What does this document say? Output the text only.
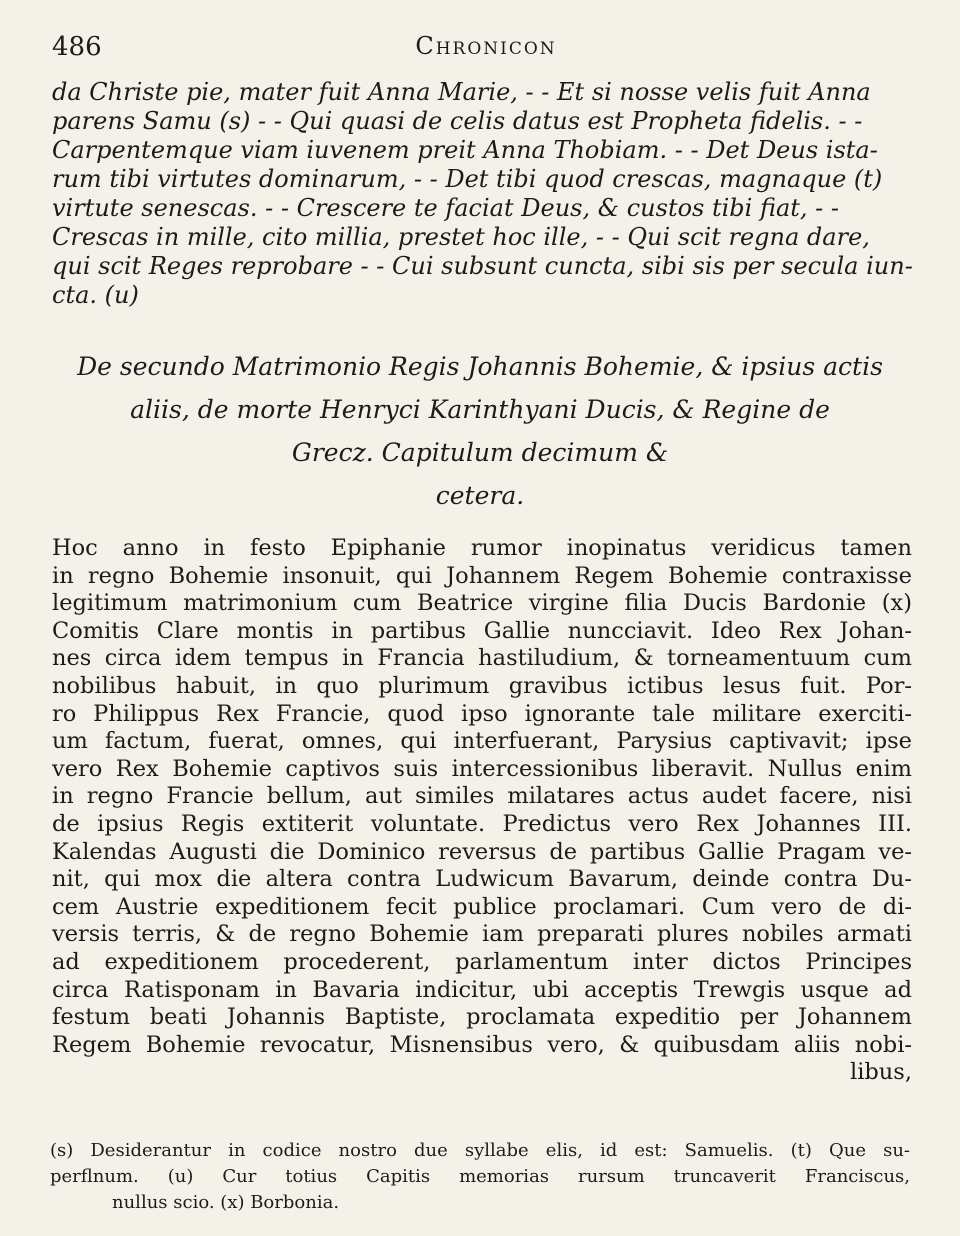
486	Chronicon
da Christe pie, mater fuit Anna Marie, - - Et si nosse velis fuit Anna
parens Samu (s) - - Qui quasi de celis datus est Propheta fidelis. - -
Carpentemque viam iuvenem preit Anna Thobiam. - - Det Deus ista-
rum tibi virtutes dominarum, - - Det tibi quod crescas, magnaque (t)
virtute senescas. - - Crescere te faciat Deus, & custos tibi fiat, - -
Crescas in mille, cito millia, prestet hoc ille, - - Qui scit regna dare,
qui scit Reges reprobare - - Cui subsunt cuncta, sibi sis per secula iun-
cta. (u)
De secundo Matrimonio Regis Johannis Bohemie, & ipsius actis
aliis, de morte Henryci Karinthyani Ducis, & Regine de
Grecz. Capitulum decimum &
cetera.
Hoc anno in festo Epiphanie rumor inopinatus veridicus tamen
in regno Bohemie insonuit, qui Johannem Regem Bohemie contraxisse
legitimum matrimonium cum Beatrice virgine filia Ducis Bardonie (x)
Comitis Clare montis in partibus Gallie nuncciavit. Ideo Rex Johan-
nes circa idem tempus in Francia hastiludium, & torneamentuum cum
nobilibus habuit, in quo plurimum gravibus ictibus lesus fuit. Por-
ro Philippus Rex Francie, quod ipso ignorante tale militare exerciti-
um factum, fuerat, omnes, qui interfuerant, Parysius captivavit; ipse
vero Rex Bohemie captivos suis intercessionibus liberavit. Nullus enim
in regno Francie bellum, aut similes milatares actus audet facere, nisi
de ipsius Regis extiterit voluntate. Predictus vero Rex Johannes III.
Kalendas Augusti die Dominico reversus de partibus Gallie Pragam ve-
nit, qui mox die altera contra Ludwicum Bavarum, deinde contra Du-
cem Austrie expeditionem fecit publice proclamari. Cum vero de di-
versis terris, & de regno Bohemie iam preparati plures nobiles armati
ad expeditionem procederent, parlamentum inter dictos Principes
circa Ratisponam in Bavaria indicitur, ubi acceptis Trewgis usque ad
festum beati Johannis Baptiste, proclamata expeditio per Johannem
Regem Bohemie revocatur, Misnensibus vero, & quibusdam aliis nobi-
libus,
(s) Desiderantur in codice nostro due syllabe elis, id est: Samuelis. (t) Que su-
perflnum. (u) Cur totius Capitis memorias rursum truncaverit Franciscus,
nullus scio. (x) Borbonia.
